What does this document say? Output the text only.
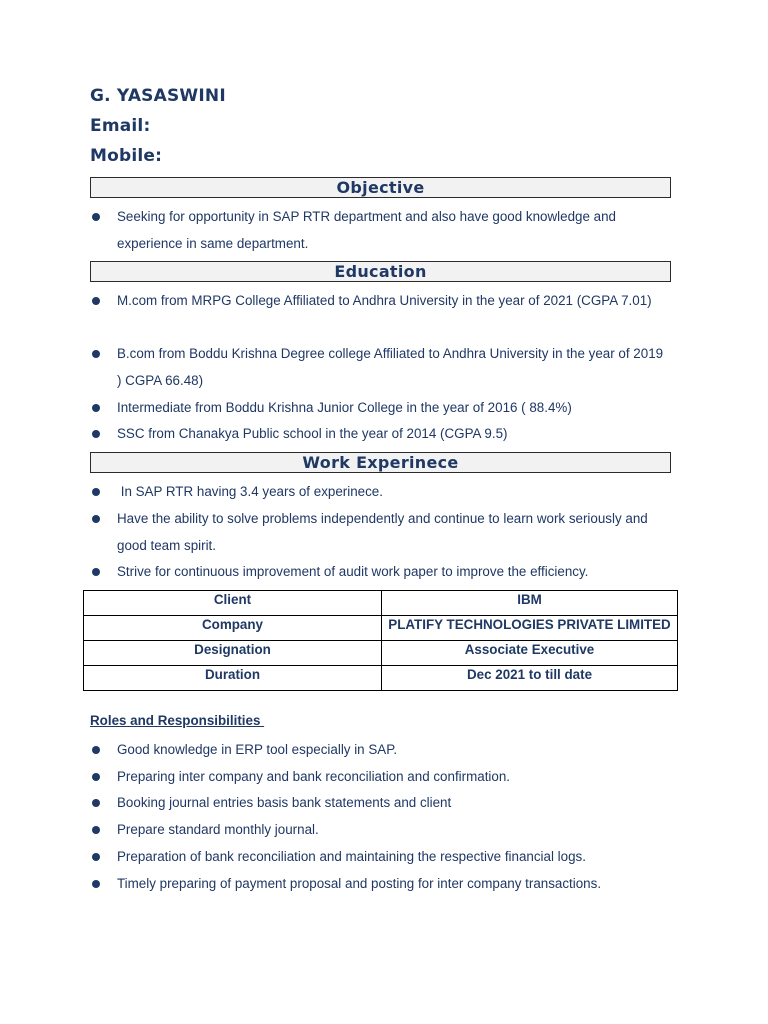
G. YASASWINI
Email:
Mobile:
Objective
Seeking for opportunity in SAP RTR department and also have good knowledge and experience in same department.
Education
M.com from MRPG College Affiliated to Andhra University in the year of 2021 (CGPA 7.01)
B.com from Boddu Krishna Degree college Affiliated to Andhra University in the year of 2019 ) CGPA 66.48)
Intermediate from Boddu Krishna Junior College in the year of 2016 ( 88.4%)
SSC from Chanakya Public school in the year of 2014 (CGPA 9.5)
Work Experinece
In SAP RTR having 3.4 years of experinece.
Have the ability to solve problems independently and continue to learn work seriously and good team spirit.
Strive for continuous improvement of audit work paper to improve the efficiency.
Client	IBM
Company	PLATIFY TECHNOLOGIES PRIVATE LIMITED
Designation	Associate Executive
Duration	Dec 2021 to till date
Roles and Responsibilities
Good knowledge in ERP tool especially in SAP.
Preparing inter company and bank reconciliation and confirmation.
Booking journal entries basis bank statements and client
Prepare standard monthly journal.
Preparation of bank reconciliation and maintaining the respective financial logs.
Timely preparing of payment proposal and posting for inter company transactions.
